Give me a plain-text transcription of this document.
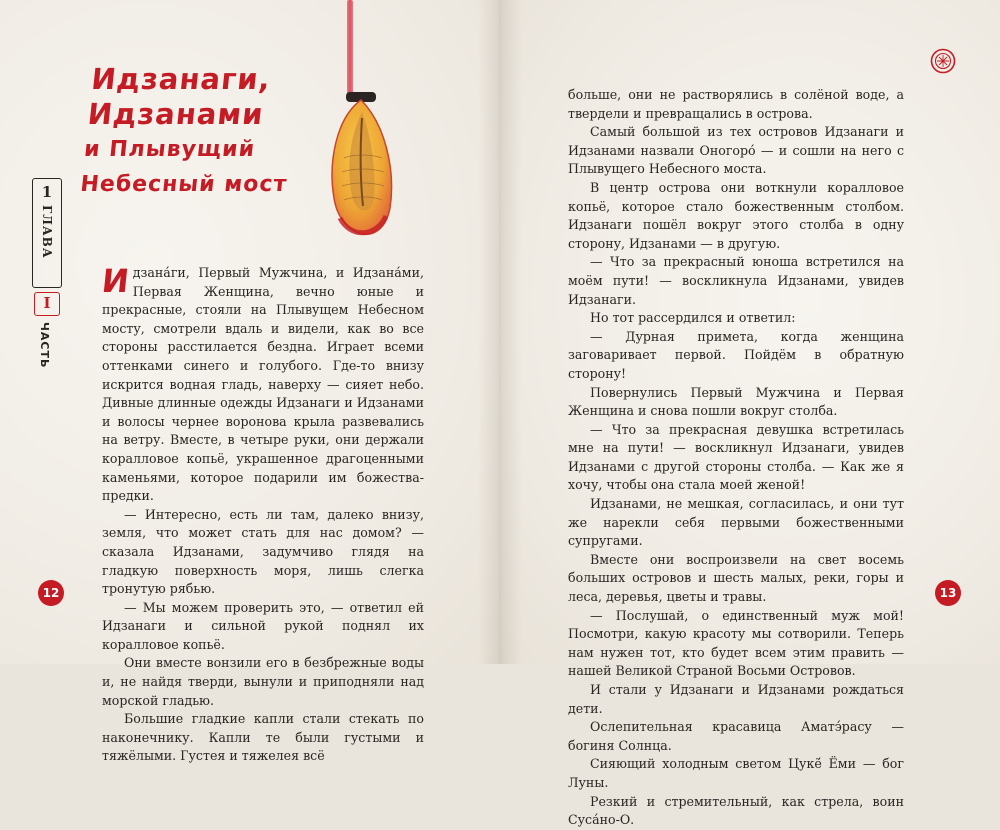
Идзанаги,
Идзанами
и Плывущий
Небесный мост
1
ГЛАВА
I
ЧАСТЬ
Идзана́ги, Первый Мужчина, и Идзана́ми, Первая Женщина, вечно юные и прекрасные, стояли на Плывущем Небесном мосту, смотрели вдаль и видели, как во все стороны расстилается бездна. Играет всеми оттенками синего и голубого. Где-то внизу искрится водная гладь, наверху — сияет небо. Дивные длинные одежды Идзанаги и Идзанами и волосы чернее воронова крыла развевались на ветру. Вместе, в четыре руки, они держали коралловое копьё, украшенное драгоценными каменьями, которое подарили им божества-предки.
— Интересно, есть ли там, далеко внизу, земля, что может стать для нас домом? — сказала Идзанами, задумчиво глядя на гладкую поверхность моря, лишь слегка тронутую рябью.
— Мы можем проверить это, — ответил ей Идзанаги и сильной рукой поднял их коралловое копьё.
Они вместе вонзили его в безбрежные воды и, не найдя тверди, вынули и приподняли над морской гладью.
Большие гладкие капли стали стекать по наконечнику. Капли те были густыми и тяжёлыми. Густея и тяжелея всё
12
больше, они не растворялись в солёной воде, а твердели и превращались в острова.
Самый большой из тех островов Идзанаги и Идзанами назвали Оногоро́ — и сошли на него с Плывущего Небесного моста.
В центр острова они воткнули коралловое копьё, которое стало божественным столбом. Идзанаги пошёл вокруг этого столба в одну сторону, Идзанами — в другую.
— Что за прекрасный юноша встретился на моём пути! — воскликнула Идзанами, увидев Идзанаги.
Но тот рассердился и ответил:
— Дурная примета, когда женщина заговаривает первой. Пойдём в обратную сторону!
Повернулись Первый Мужчина и Первая Женщина и снова пошли вокруг столба.
— Что за прекрасная девушка встретилась мне на пути! — воскликнул Идзанаги, увидев Идзанами с другой стороны столба. — Как же я хочу, чтобы она стала моей женой!
Идзанами, не мешкая, согласилась, и они тут же нарекли себя первыми божественными супругами.
Вместе они воспроизвели на свет восемь больших островов и шесть малых, реки, горы и леса, деревья, цветы и травы.
— Послушай, о единственный муж мой! Посмотри, какую красоту мы сотворили. Теперь нам нужен тот, кто будет всем этим править — нашей Великой Страной Восьми Островов.
И стали у Идзанаги и Идзанами рождаться дети.
Ослепительная красавица Аматэ́расу — богиня Солнца.
Сияющий холодным светом Цукё́ Ёми — бог Луны.
Резкий и стремительный, как стрела, воин Суса́но-О.
13
